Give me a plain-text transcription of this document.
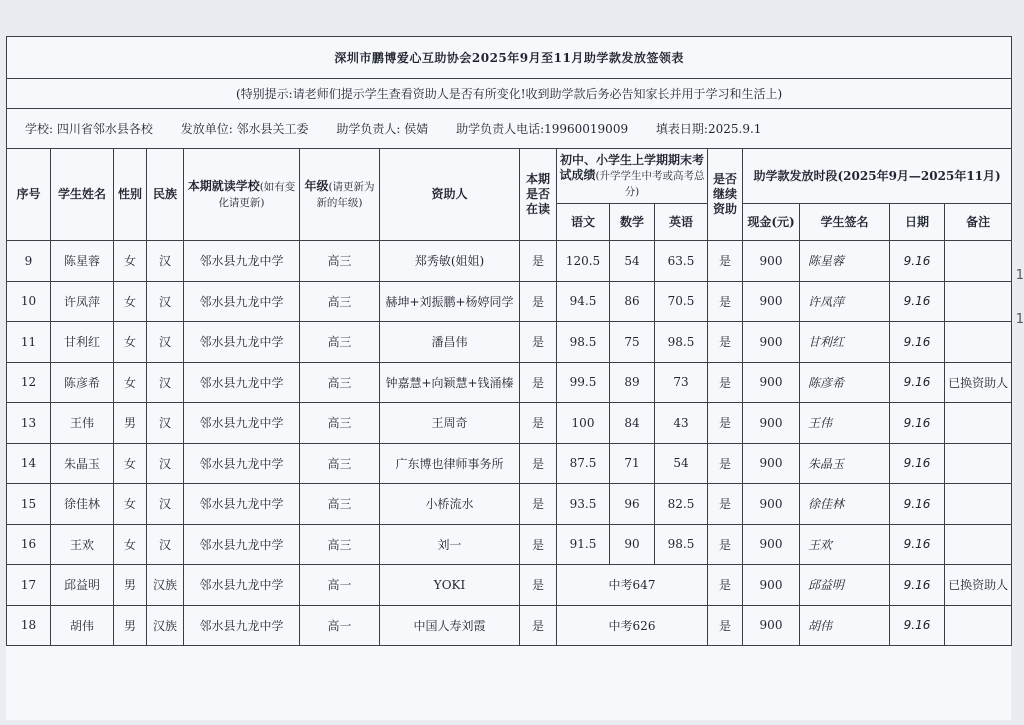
深圳市鹏博爱心互助协会2025年9月至11月助学款发放签领表															
(特别提示:请老师们提示学生查看资助人是否有所变化!收到助学款后务必告知家长并用于学习和生活上)															
学校: 四川省邻水县各校 发放单位: 邻水县关工委 助学负责人: 侯婧 助学负责人电话:19960019009 填表日期:2025.9.1															
序号	学生姓名	性别	民族	本期就读学校(如有变化请更新)	年级(请更新为新的年级)	资助人	本期是否在读	初中、小学生上学期期末考试成绩(升学学生中考或高考总分)			是否继续资助	助学款发放时段(2025年9月—2025年11月)			
								语文	数学	英语		现金(元)	学生签名	日期	备注
9	陈星蓉	女	汉	邻水县九龙中学	高三	郑秀敏(姐姐)	是	120.5	54	63.5	是	900	陈星蓉	9.16	
10	许凤萍	女	汉	邻水县九龙中学	高三	赫坤+刘振鹏+杨婷同学	是	94.5	86	70.5	是	900	许凤萍	9.16	
11	甘利红	女	汉	邻水县九龙中学	高三	潘昌伟	是	98.5	75	98.5	是	900	甘利红	9.16	
12	陈彦希	女	汉	邻水县九龙中学	高三	钟嘉慧+向颖慧+钱涌榛	是	99.5	89	73	是	900	陈彦希	9.16	已换资助人
13	王伟	男	汉	邻水县九龙中学	高三	王周奇	是	100	84	43	是	900	王伟	9.16	
14	朱晶玉	女	汉	邻水县九龙中学	高三	广东博也律师事务所	是	87.5	71	54	是	900	朱晶玉	9.16	
15	徐佳林	女	汉	邻水县九龙中学	高三	小桥流水	是	93.5	96	82.5	是	900	徐佳林	9.16	
16	王欢	女	汉	邻水县九龙中学	高三	刘一	是	91.5	90	98.5	是	900	王欢	9.16	
17	邱益明	男	汉族	邻水县九龙中学	高一	YOKI	是	中考647			是	900	邱益明	9.16	已换资助人
18	胡伟	男	汉族	邻水县九龙中学	高一	中国人寿刘霞	是	中考626			是	900	胡伟	9.16	
1
1
